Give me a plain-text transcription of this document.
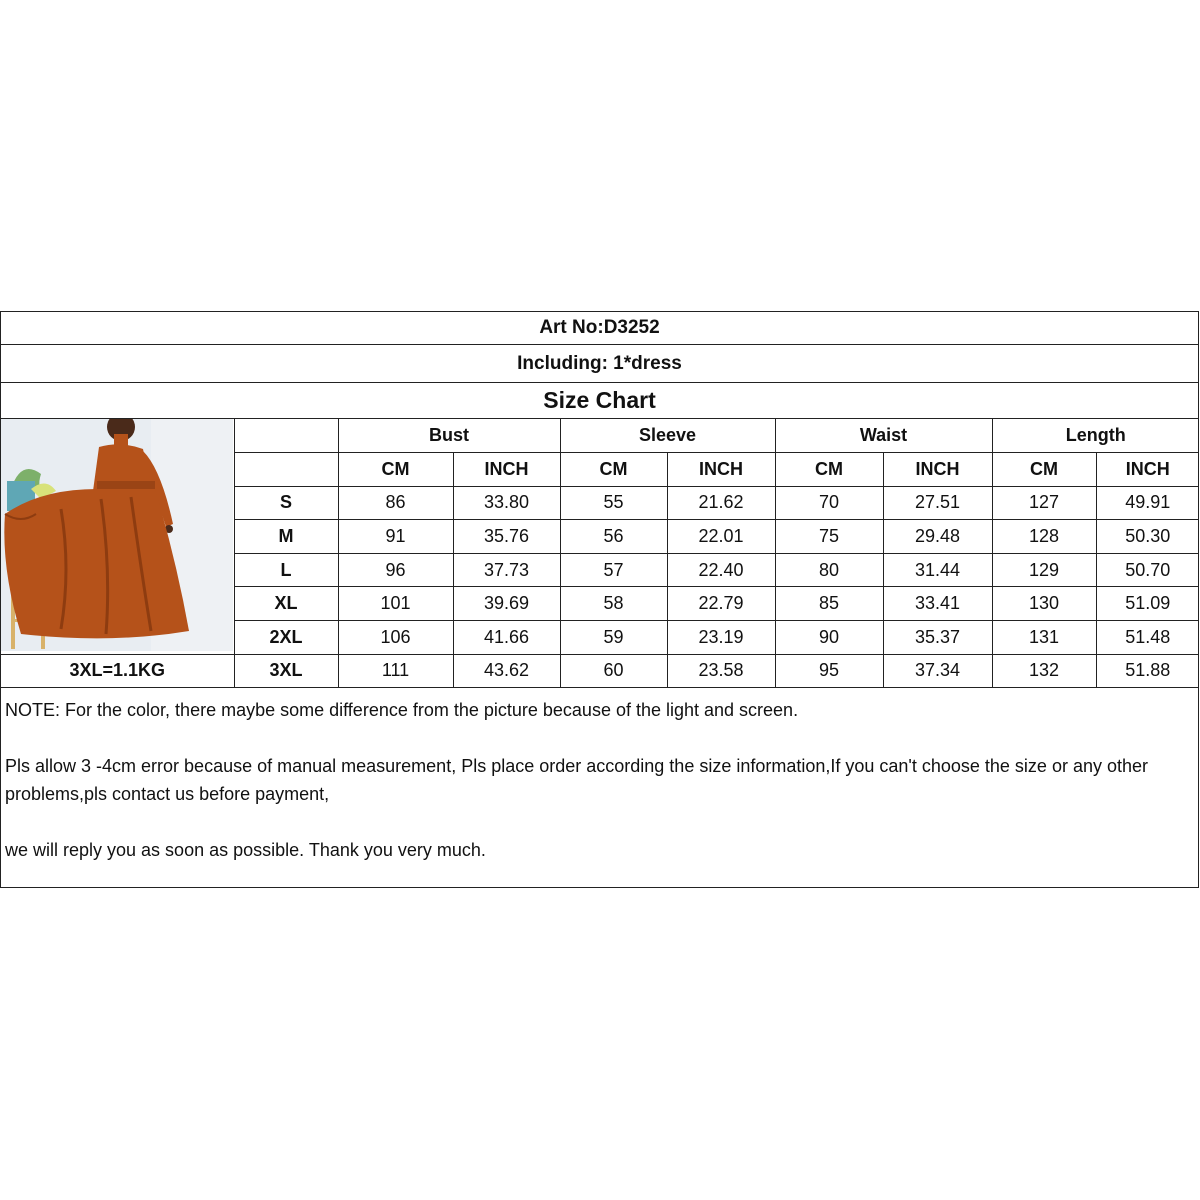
Art No:D3252
Including: 1*dress
Size Chart
		Bust		Sleeve		Waist		Length	
		CM	INCH	CM	INCH	CM	INCH	CM	INCH
	S	86	33.80	55	21.62	70	27.51	127	49.91
	M	91	35.76	56	22.01	75	29.48	128	50.30
	L	96	37.73	57	22.40	80	31.44	129	50.70
	XL	101	39.69	58	22.79	85	33.41	130	51.09
	2XL	106	41.66	59	23.19	90	35.37	131	51.48
3XL=1.1KG	3XL	111	43.62	60	23.58	95	37.34	132	51.88

NOTE: For the color, there maybe some difference from the picture because of the light and screen.

Pls allow 3 -4cm error because of manual measurement, Pls place order according the size information,If you can't choose the size or any other problems,pls contact us before payment,

we will reply you as soon as possible. Thank you very much.
